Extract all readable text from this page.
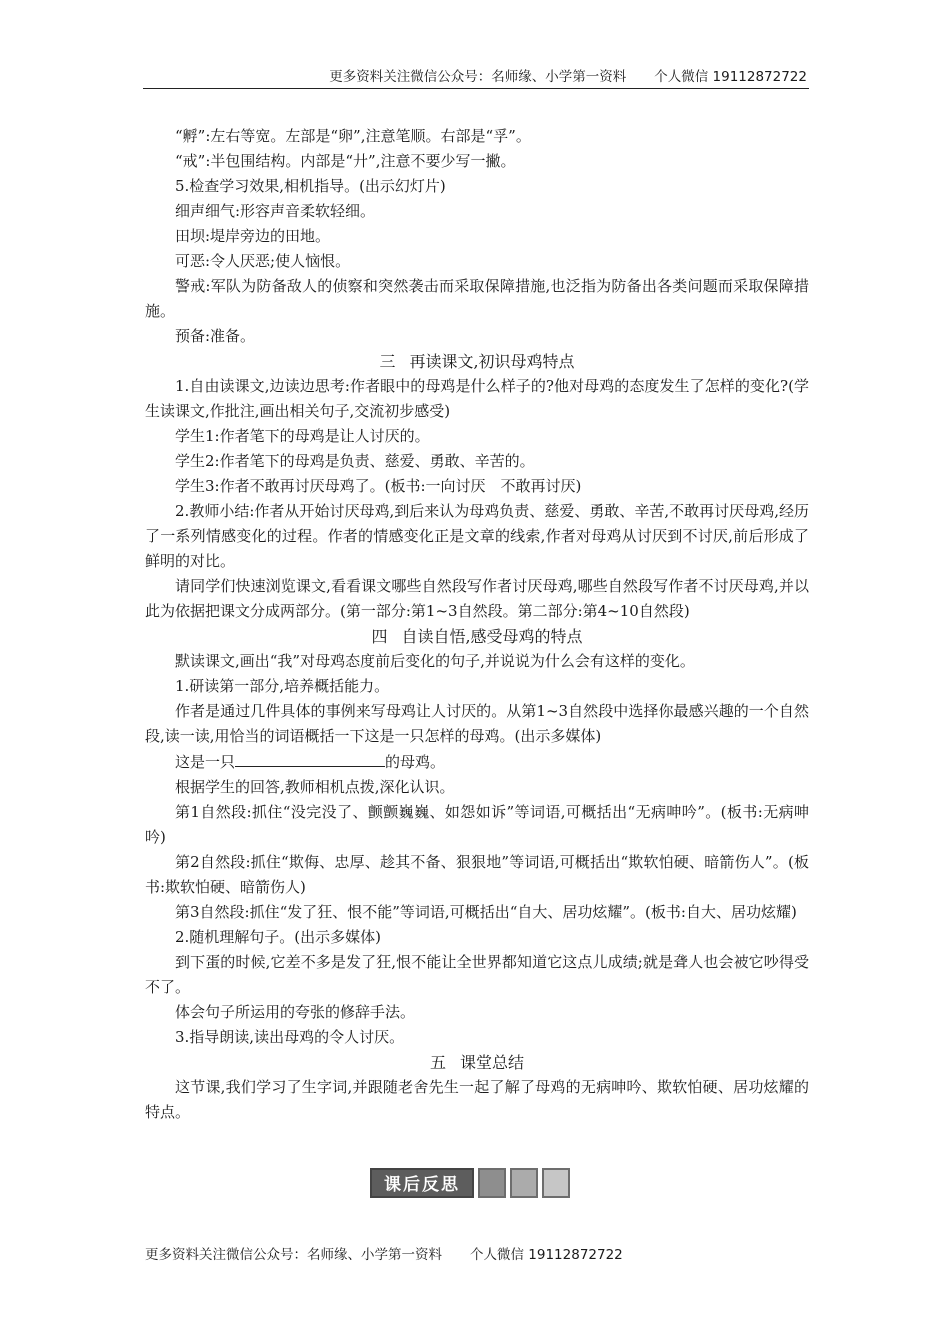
更多资料关注微信公众号：名师缘、小学第一资料 个人微信 19112872722

“孵”:左右等宽。左部是“卵”,注意笔顺。右部是“孚”。

“戒”:半包围结构。内部是“廾”,注意不要少写一撇。

5.检查学习效果,相机指导。(出示幻灯片)

细声细气:形容声音柔软轻细。

田坝:堤岸旁边的田地。

可恶:令人厌恶;使人恼恨。

警戒:军队为防备敌人的侦察和突然袭击而采取保障措施,也泛指为防备出各类问题而采取保障措施。

预备:准备。

三 再读课文,初识母鸡特点

1.自由读课文,边读边思考:作者眼中的母鸡是什么样子的?他对母鸡的态度发生了怎样的变化?(学生读课文,作批注,画出相关句子,交流初步感受)

学生1:作者笔下的母鸡是让人讨厌的。

学生2:作者笔下的母鸡是负责、慈爱、勇敢、辛苦的。

学生3:作者不敢再讨厌母鸡了。(板书:一向讨厌　不敢再讨厌)

2.教师小结:作者从开始讨厌母鸡,到后来认为母鸡负责、慈爱、勇敢、辛苦,不敢再讨厌母鸡,经历了一系列情感变化的过程。作者的情感变化正是文章的线索,作者对母鸡从讨厌到不讨厌,前后形成了鲜明的对比。

请同学们快速浏览课文,看看课文哪些自然段写作者讨厌母鸡,哪些自然段写作者不讨厌母鸡,并以此为依据把课文分成两部分。(第一部分:第1~3自然段。第二部分:第4~10自然段)

四 自读自悟,感受母鸡的特点

默读课文,画出“我”对母鸡态度前后变化的句子,并说说为什么会有这样的变化。

1.研读第一部分,培养概括能力。

作者是通过几件具体的事例来写母鸡让人讨厌的。从第1~3自然段中选择你最感兴趣的一个自然段,读一读,用恰当的词语概括一下这是一只怎样的母鸡。(出示多媒体)

这是一只	的母鸡。

根据学生的回答,教师相机点拨,深化认识。

第1自然段:抓住“没完没了、颤颤巍巍、如怨如诉”等词语,可概括出“无病呻吟”。(板书:无病呻吟)

第2自然段:抓住“欺侮、忠厚、趁其不备、狠狠地”等词语,可概括出“欺软怕硬、暗箭伤人”。(板书:欺软怕硬、暗箭伤人)

第3自然段:抓住“发了狂、恨不能”等词语,可概括出“自大、居功炫耀”。(板书:自大、居功炫耀)

2.随机理解句子。(出示多媒体)

到下蛋的时候,它差不多是发了狂,恨不能让全世界都知道它这点儿成绩;就是聋人也会被它吵得受不了。

体会句子所运用的夸张的修辞手法。

3.指导朗读,读出母鸡的令人讨厌。

五 课堂总结

这节课,我们学习了生字词,并跟随老舍先生一起了解了母鸡的无病呻吟、欺软怕硬、居功炫耀的特点。

课后反思
更多资料关注微信公众号：名师缘、小学第一资料 个人微信 19112872722
